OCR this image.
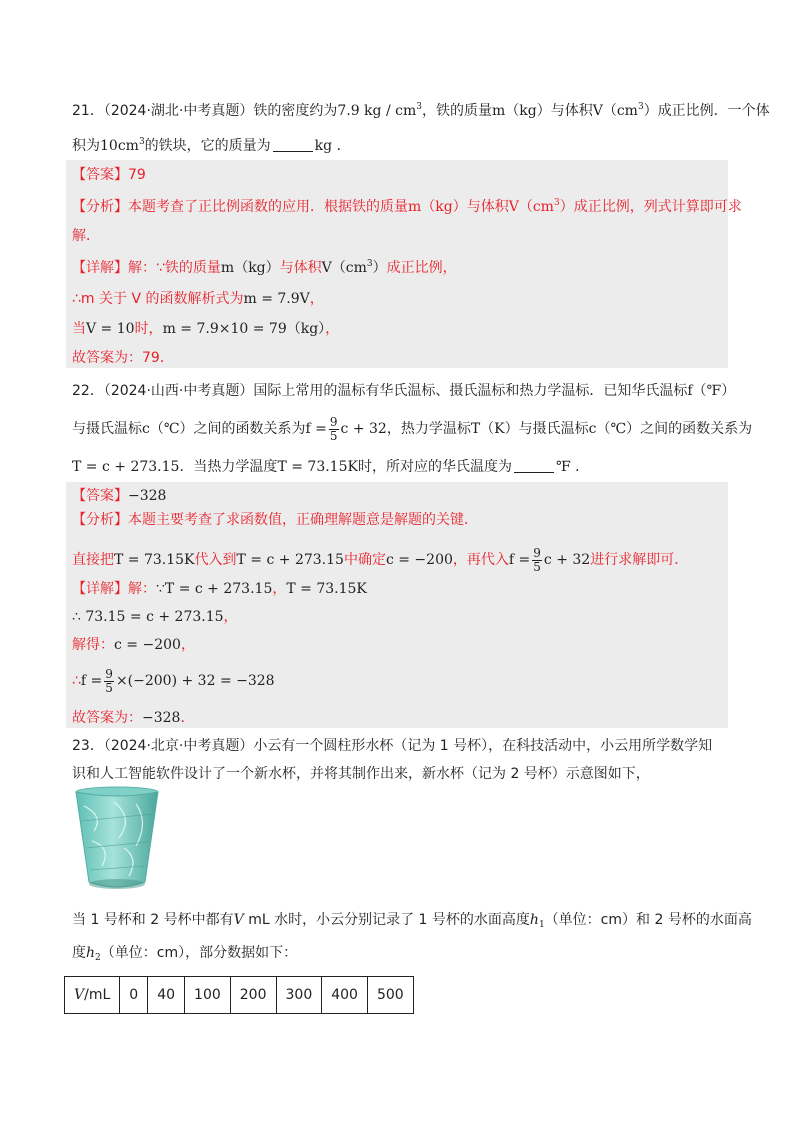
21．（2024·湖北·中考真题）铁的密度约为7.9 kg / $cm^3$，铁的质量m（kg）与体积$V(cm^3)$成正比例．一个体
积为$10cm^3$的铁块，它的质量为	kg ．
【答案】79
【分析】本题考查了正比例函数的应用．根据铁的质量m（kg）与体积$V(cm^3)$成正比例，列式计算即可求
解．
【详解】解：∵铁的质量m（kg）与体积$V(cm^3)$成正比例，
∴m 关于 V 的函数解析式为m = 7.9V，
当V = 10时，m = 7.9×10 = 79（kg），
故答案为：79．
22．（2024·山西·中考真题）国际上常用的温标有华氏温标、摄氏温标和热力学温标．已知华氏温标f（℉）
与摄氏温标c（℃）之间的函数关系为$f = \frac{9}{5}$ c + 32，热力学温标T（K）与摄氏温标c（℃）之间的函数关系为
T = c + 273.15．当热力学温度T = 73.15K时，所对应的华氏温度为	℉ ．
【答案】−328
【分析】本题主要考查了求函数值，正确理解题意是解题的关键．
直接把T = 73.15K代入到T = c + 273.15中确定c = −200，再代入$f = \frac{9}{5}$ c + 32进行求解即可．
【详解】解：∵T = c + 273.15，T = 73.15K
∴ 73.15 = c + 273.15，
解得：c = −200，
∴f = $\frac{9}{5} \times(-200) + 32 = -328$
故答案为：−328．
23．（2024·北京·中考真题）小云有一个圆柱形水杯（记为 1 号杯），在科技活动中，小云用所学数学知
识和人工智能软件设计了一个新水杯，并将其制作出来，新水杯（记为 2 号杯）示意图如下，
当 1 号杯和 2 号杯中都有V mL 水时，小云分别记录了 1 号杯的水面高度$h_1$（单位：cm）和 2 号杯的水面高
度$h_2$（单位：cm），部分数据如下：
V/mL	0	40	100	200	300	400	500
